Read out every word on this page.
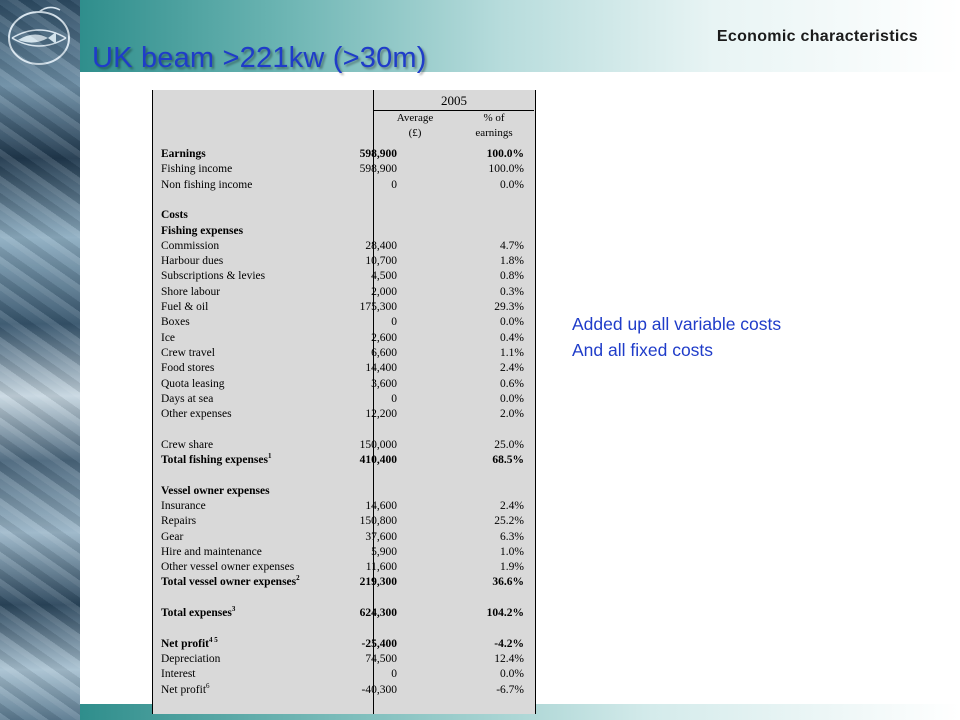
Economic characteristics
UK beam >221kw (>30m)
2005
Average
(£)
% of
earnings
Earnings	598,900	100.0%
Fishing income	598,900	100.0%
Non fishing income	0	0.0%
Costs
Fishing expenses
Commission	28,400	4.7%
Harbour dues	10,700	1.8%
Subscriptions & levies	4,500	0.8%
Shore labour	2,000	0.3%
Fuel & oil	175,300	29.3%
Boxes	0	0.0%
Ice	2,600	0.4%
Crew travel	6,600	1.1%
Food stores	14,400	2.4%
Quota leasing	3,600	0.6%
Days at sea	0	0.0%
Other expenses	12,200	2.0%
Crew share	150,000	25.0%
Total fishing expenses$^1$	410,400	68.5%
Vessel owner expenses
Insurance	14,600	2.4%
Repairs	150,800	25.2%
Gear	37,600	6.3%
Hire and maintenance	5,900	1.0%
Other vessel owner expenses	11,600	1.9%
Total vessel owner expenses$^2$	219,300	36.6%
Total expenses$^3$	624,300	104.2%
Net profit$^{4 5}$	-25,400	-4.2%
Depreciation	74,500	12.4%
Interest	0	0.0%
Net profit$^6$	-40,300	-6.7%
Added up all variable costs
And all fixed costs
